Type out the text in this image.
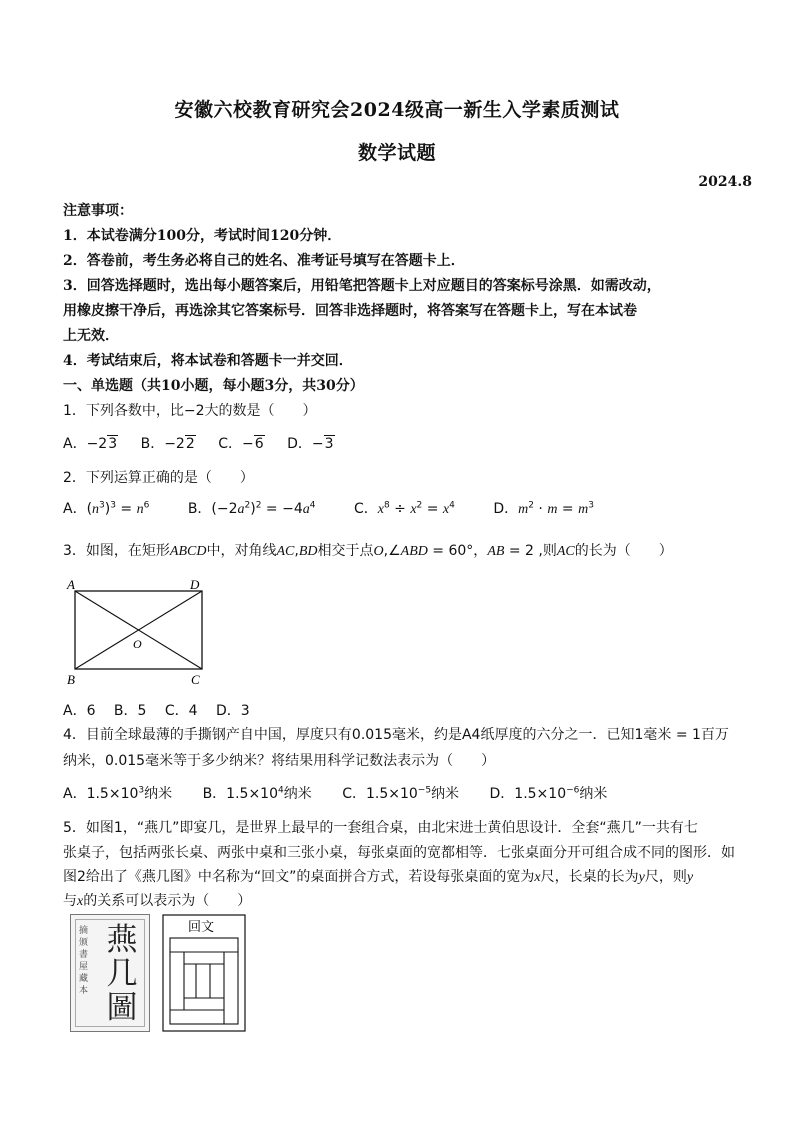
安徽六校教育研究会2024级高一新生入学素质测试
数学试题
2024.8
注意事项：
1．本试卷满分100分，考试时间120分钟．
2．答卷前，考生务必将自己的姓名、准考证号填写在答题卡上．
3．回答选择题时，选出每小题答案后，用铅笔把答题卡上对应题目的答案标号涂黑．如需改动，
用橡皮擦干净后，再选涂其它答案标号．回答非选择题时，将答案写在答题卡上，写在本试卷
上无效．
4．考试结束后，将本试卷和答题卡一并交回．
一、单选题（共10小题，每小题3分，共30分）
1．下列各数中，比−2大的数是（　　）
A．−23 B．−22 C．−6 D．−3
2．下列运算正确的是（　　）
A．$(n^3)^3 = n^6$	B．$(-2a^2)^2 = -4a^4$	C．$x^8 \div x^2 = x^4$	D．$m^2 \cdot m = m^3$
3．如图，在矩形ABCD中，对角线AC,BD相交于点O,∠ABD = 60°，AB = 2 ,则AC的长为（　　）
A	D
B	C
O
A．6　 B．5　 C．4　 D．3
4．目前全球最薄的手撕钢产自中国，厚度只有0.015毫米，约是A4纸厚度的六分之一．已知1毫米 = 1百万
纳米，0.015毫米等于多少纳米？将结果用科学记数法表示为（　　）
A．$1.5\times 10^3$纳米 B．$1.5\times 10^4$纳米 C．$1.5\times 10^{-5}$纳米 D．$1.5\times 10^{-6}$纳米
5．如图1，“燕几”即宴几，是世界上最早的一套组合桌，由北宋进士黄伯思设计．全套“燕几”一共有七
张桌子，包括两张长桌、两张中桌和三张小桌，每张桌面的宽都相等．七张桌面分开可组合成不同的图形．如
图2给出了《燕几图》中名称为“回文”的桌面拼合方式，若设每张桌面的宽为x尺，长桌的长为y尺，则y
与x的关系可以表示为（　　）
摘颁書屋藏本
燕
几
圖
回文
